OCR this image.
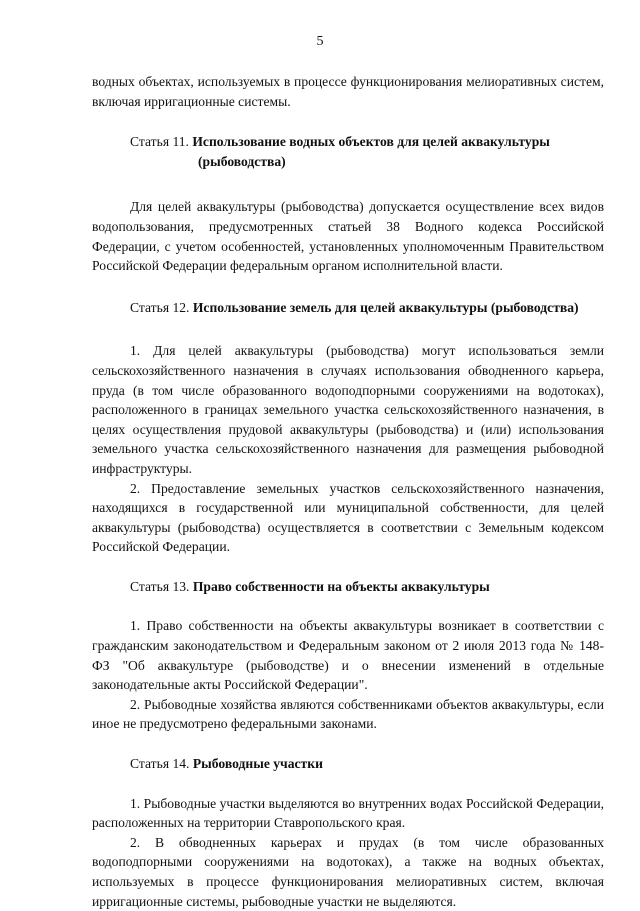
5

водных объектах, используемых в процессе функционирования мелиоративных систем, включая ирригационные системы.

Статья 11. Использование водных объектов для целей аквакультуры (рыбоводства)

Для целей аквакультуры (рыбоводства) допускается осуществление всех видов водопользования, предусмотренных статьей 38 Водного кодекса Российской Федерации, с учетом особенностей, установленных уполномоченным Правительством Российской Федерации федеральным органом исполнительной власти.

Статья 12. Использование земель для целей аквакультуры (рыбоводства)

1. Для целей аквакультуры (рыбоводства) могут использоваться земли сельскохозяйственного назначения в случаях использования обводненного карьера, пруда (в том числе образованного водоподпорными сооружениями на водотоках), расположенного в границах земельного участка сельскохозяйственного назначения, в целях осуществления прудовой аквакультуры (рыбоводства) и (или) использования земельного участка сельскохозяйственного назначения для размещения рыбоводной инфраструктуры.

2. Предоставление земельных участков сельскохозяйственного назначения, находящихся в государственной или муниципальной собственности, для целей аквакультуры (рыбоводства) осуществляется в соответствии с Земельным кодексом Российской Федерации.

Статья 13. Право собственности на объекты аквакультуры

1. Право собственности на объекты аквакультуры возникает в соответствии с гражданским законодательством и Федеральным законом от 2 июля 2013 года № 148-ФЗ "Об аквакультуре (рыбоводстве) и о внесении изменений в отдельные законодательные акты Российской Федерации".

2. Рыбоводные хозяйства являются собственниками объектов аквакультуры, если иное не предусмотрено федеральными законами.

Статья 14. Рыбоводные участки

1. Рыбоводные участки выделяются во внутренних водах Российской Федерации, расположенных на территории Ставропольского края.

2. В обводненных карьерах и прудах (в том числе образованных водоподпорными сооружениями на водотоках), а также на водных объектах, используемых в процессе функционирования мелиоративных систем, включая ирригационные системы, рыбоводные участки не выделяются.
